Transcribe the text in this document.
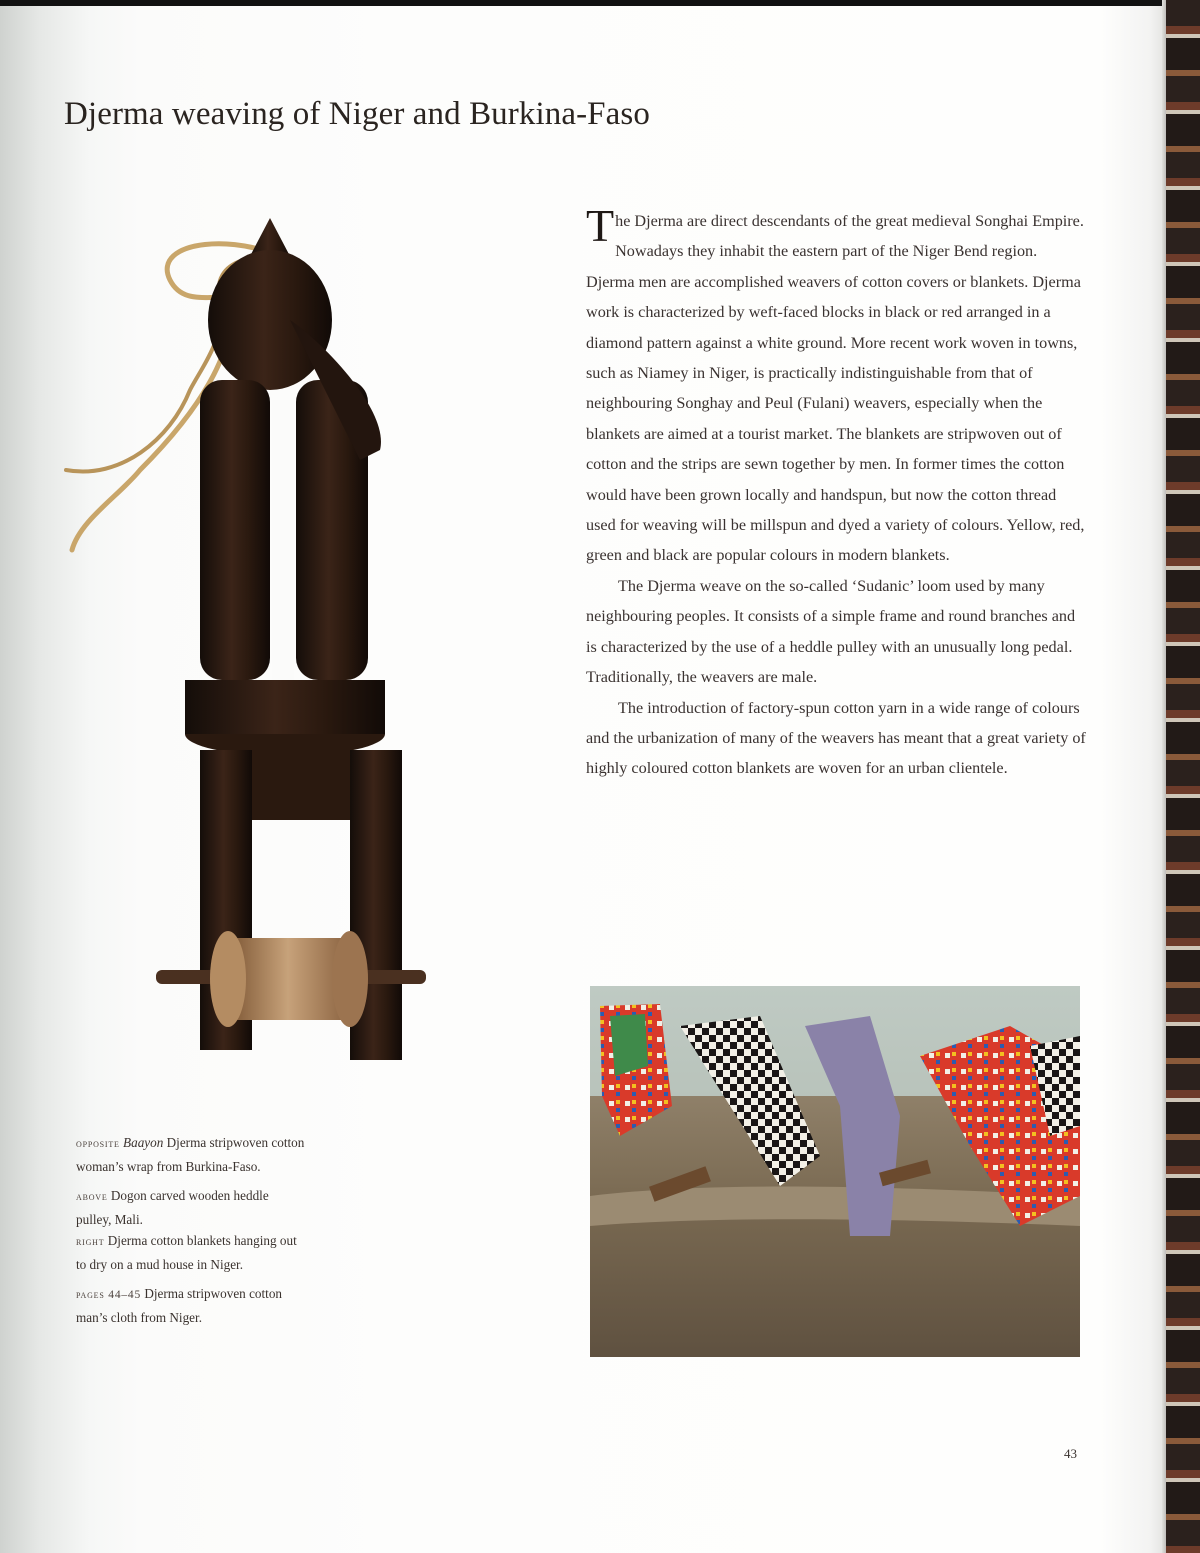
Djerma weaving of Niger and Burkina-Faso

The Djerma are direct descendants of the great medieval Songhai Empire. Nowadays they inhabit the eastern part of the Niger Bend region. Djerma men are accomplished weavers of cotton covers or blankets. Djerma work is characterized by weft-faced blocks in black or red arranged in a diamond pattern against a white ground. More recent work woven in towns, such as Niamey in Niger, is practically indistinguishable from that of neighbouring Songhay and Peul (Fulani) weavers, especially when the blankets are aimed at a tourist market. The blankets are stripwoven out of cotton and the strips are sewn together by men. In former times the cotton would have been grown locally and handspun, but now the cotton thread used for weaving will be millspun and dyed a variety of colours. Yellow, red, green and black are popular colours in modern blankets.

The Djerma weave on the so-called ‘Sudanic’ loom used by many neighbouring peoples. It consists of a simple frame and round branches and is characterized by the use of a heddle pulley with an unusually long pedal. Traditionally, the weavers are male.

The introduction of factory-spun cotton yarn in a wide range of colours and the urbanization of many of the weavers has meant that a great variety of highly coloured cotton blankets are woven for an urban clientele.

opposite Baayon Djerma stripwoven cotton woman’s wrap from Burkina-Faso.

above Dogon carved wooden heddle pulley, Mali.

right Djerma cotton blankets hanging out to dry on a mud house in Niger.

pages 44–45 Djerma stripwoven cotton man’s cloth from Niger.

43
